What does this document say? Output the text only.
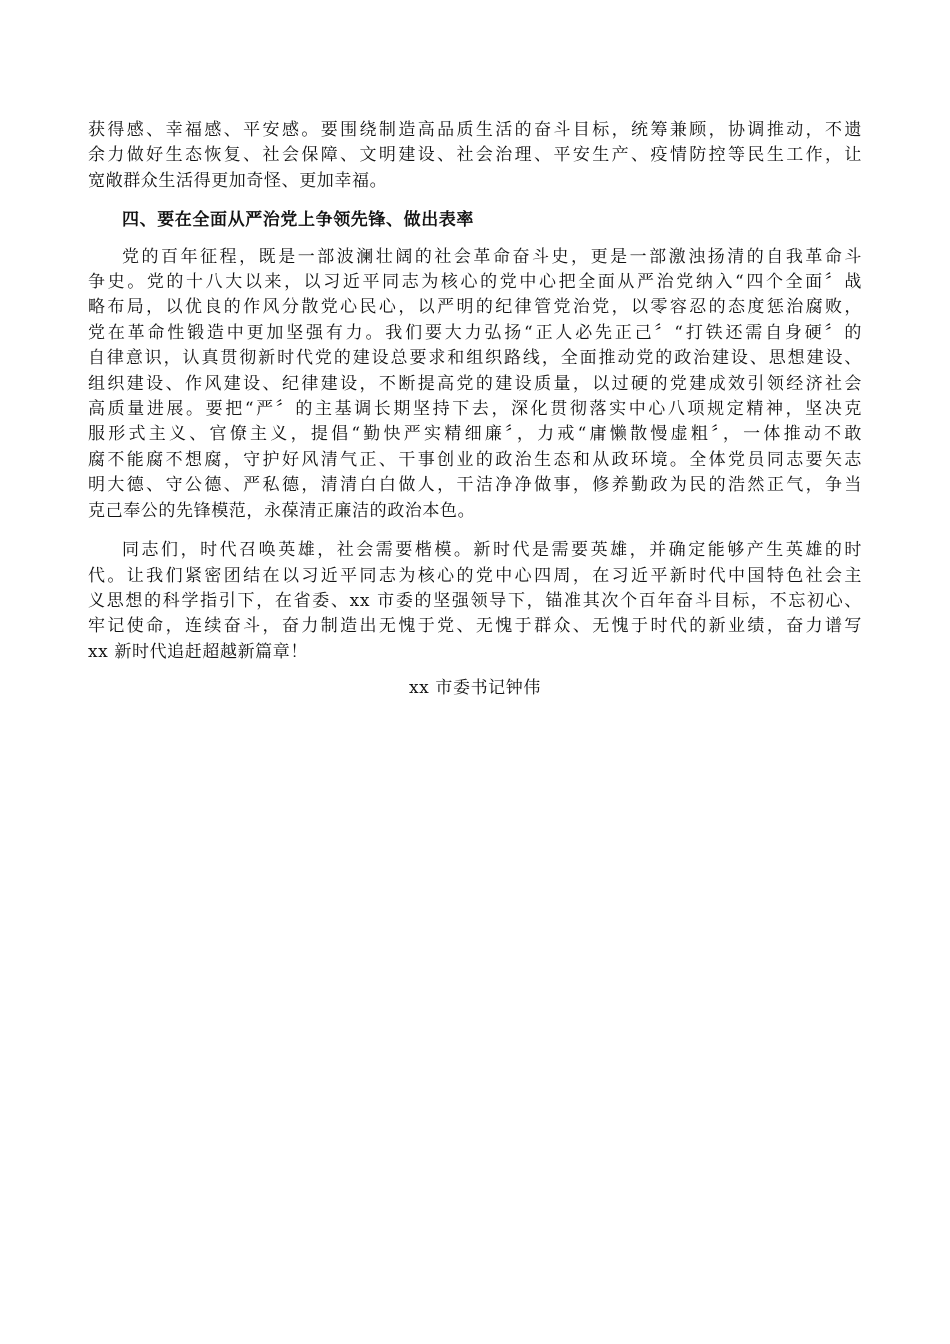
获得感、幸福感、平安感。要围绕制造高品质生活的奋斗目标，统筹兼顾，协调推动，不遗
余力做好生态恢复、社会保障、文明建设、社会治理、平安生产、疫情防控等民生工作，让
宽敞群众生活得更加奇怪、更加幸福。

四、要在全面从严治党上争领先锋、做出表率

党的百年征程，既是一部波澜壮阔的社会革命奋斗史，更是一部激浊扬清的自我革命斗
争史。党的十八大以来，以习近平同志为核心的党中心把全面从严治党纳入“四个全面〞战
略布局，以优良的作风分散党心民心，以严明的纪律管党治党，以零容忍的态度惩治腐败，
党在革命性锻造中更加坚强有力。我们要大力弘扬“正人必先正己〞“打铁还需自身硬〞的
自律意识，认真贯彻新时代党的建设总要求和组织路线，全面推动党的政治建设、思想建设、
组织建设、作风建设、纪律建设，不断提高党的建设质量，以过硬的党建成效引领经济社会
高质量进展。要把“严〞的主基调长期坚持下去，深化贯彻落实中心八项规定精神，坚决克
服形式主义、官僚主义，提倡“勤快严实精细廉〞，力戒“庸懒散慢虚粗〞，一体推动不敢
腐不能腐不想腐，守护好风清气正、干事创业的政治生态和从政环境。全体党员同志要矢志
明大德、守公德、严私德，清清白白做人，干洁净净做事，修养勤政为民的浩然正气，争当
克己奉公的先锋模范，永葆清正廉洁的政治本色。

同志们，时代召唤英雄，社会需要楷模。新时代是需要英雄，并确定能够产生英雄的时
代。让我们紧密团结在以习近平同志为核心的党中心四周，在习近平新时代中国特色社会主
义思想的科学指引下，在省委、xx 市委的坚强领导下，锚准其次个百年奋斗目标，不忘初心、
牢记使命，连续奋斗，奋力制造出无愧于党、无愧于群众、无愧于时代的新业绩，奋力谱写
xx 新时代追赶超越新篇章！

xx 市委书记钟伟
